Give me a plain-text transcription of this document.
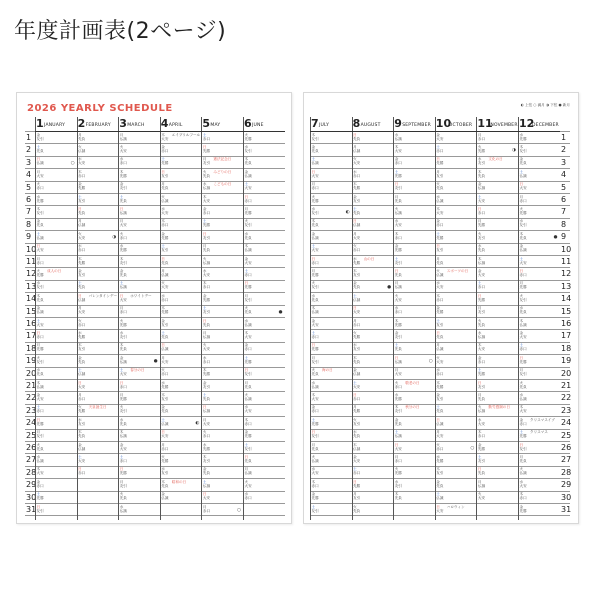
年度計画表(2ページ)
2026 YEARLY SCHEDULE
1
2
3
4
5
6
7
8
9
10
11
12
13
14
15
16
17
18
19
20
21
22
23
24
25
26
27
28
29
30
31
1 JANUARY
金
友引
土
先負
日
仏滅
月
大安
火
赤口
水
先勝
木
友引
金
先負
土
仏滅
日
大安
月
赤口
火
先勝
水
友引
木
先負
金
仏滅
土
大安
日
赤口
月
先勝
火
友引
水
先負
木
仏滅
金
大安
土
赤口
日
先勝
月
友引
火
先負
水
仏滅
木
大安
金
赤口
土
先勝
日
友引
2 FEBRUARY
月
先負
火
仏滅
水
大安
木
赤口
金
先勝
土
友引
日
先負
月
仏滅
火
大安
水
赤口
木
先勝
金
友引
土
先負
日
仏滅
月
大安
火
赤口
水
先勝
木
友引
金
先負
土
仏滅
日
大安
月
赤口
火
先勝
水
友引
木
先負
金
仏滅
土
大安
日
赤口
3 MARCH
月
仏滅
火
大安
水
赤口
木
先勝
金
友引
土
先負
日
仏滅
月
大安
火
赤口
水
先勝
木
友引
金
先負
土
仏滅
日
大安
月
赤口
火
先勝
水
友引
木
先負
金
仏滅
土
大安
日
赤口
月
先勝
火
友引
水
先負
木
仏滅
金
大安
土
赤口
日
先勝
月
友引
火
先負
水
仏滅
4 APRIL
木
大安
金
赤口
土
先勝
日
友引
月
先負
火
仏滅
水
大安
木
赤口
金
先勝
土
友引
日
先負
月
仏滅
火
大安
水
赤口
木
先勝
金
友引
土
先負
日
仏滅
月
大安
火
赤口
水
先勝
木
友引
金
先負
土
仏滅
日
大安
月
赤口
火
先勝
水
友引
木
先負
金
仏滅
5 MAY
土
赤口
日
先勝
月
友引
火
先負
水
仏滅
木
大安
金
赤口
土
先勝
日
友引
月
先負
火
仏滅
水
大安
木
赤口
金
先勝
土
友引
日
先負
月
仏滅
火
大安
水
赤口
木
先勝
金
友引
土
先負
日
仏滅
月
大安
火
赤口
水
先勝
木
友引
金
先負
土
仏滅
日
大安
月
赤口
6 JUNE
火
先勝
水
友引
木
先負
金
仏滅
土
大安
日
赤口
月
先勝
火
友引
水
先負
木
仏滅
金
大安
土
赤口
日
先勝
月
友引
火
先負
水
仏滅
木
大安
金
赤口
土
先勝
日
友引
月
先負
火
仏滅
水
大安
木
赤口
金
先勝
土
友引
日
先負
月
仏滅
火
大安
水
赤口
エイプリルフール
成人の日
バレンタインデー	ホワイトデー
春分の日
昭和の日
憲法記念日
みどりの日
こどもの日
天皇誕生日
○
◑
●
◐
○
●
◐ 上弦 ○ 満月 ◑ 下弦 ● 新月
1
2
3
4
5
6
7
8
9
10
11
12
13
14
15
16
17
18
19
20
21
22
23
24
25
26
27
28
29
30
31
7 JULY
木
友引
金
先負
土
仏滅
日
大安
月
赤口
火
先勝
水
友引
木
先負
金
仏滅
土
大安
日
赤口
月
先勝
火
友引
水
先負
木
仏滅
金
大安
土
赤口
日
先勝
月
友引
火
先負
水
仏滅
木
大安
金
赤口
土
先勝
日
友引
月
先負
火
仏滅
水
大安
木
赤口
金
先勝
土
友引
8 AUGUST
日
先負
月
仏滅
火
大安
水
赤口
木
先勝
金
友引
土
先負
日
仏滅
月
大安
火
赤口
水
先勝
木
友引
金
先負
土
仏滅
日
大安
月
赤口
火
先勝
水
友引
木
先負
金
仏滅
土
大安
日
赤口
月
先勝
火
友引
水
先負
木
仏滅
金
大安
土
赤口
日
先勝
月
友引
火
先負
9 SEPTEMBER
水
仏滅
木
大安
金
赤口
土
先勝
日
友引
月
先負
火
仏滅
水
大安
木
赤口
金
先勝
土
友引
日
先負
月
仏滅
火
大安
水
赤口
木
先勝
金
友引
土
先負
日
仏滅
月
大安
火
赤口
水
先勝
木
友引
金
先負
土
仏滅
日
大安
月
赤口
火
先勝
水
友引
木
先負
10
OCTOBER
金
大安
土
赤口
日
先勝
月
友引
火
先負
水
仏滅
木
大安
金
赤口
土
先勝
日
友引
月
先負
火
仏滅
水
大安
木
赤口
金
先勝
土
友引
日
先負
月
仏滅
火
大安
水
赤口
木
先勝
金
友引
土
先負
日
仏滅
月
大安
火
赤口
水
先勝
木
友引
金
先負
土
仏滅
日
大安
11
NOVEMBER
月
赤口
火
先勝
水
友引
木
先負
金
仏滅
土
大安
日
赤口
月
先勝
火
友引
水
先負
木
仏滅
金
大安
土
赤口
日
先勝
月
友引
火
先負
水
仏滅
木
大安
金
赤口
土
先勝
日
友引
月
先負
火
仏滅
水
大安
木
赤口
金
先勝
土
友引
日
先負
月
仏滅
火
大安
12
DECEMBER
水
先勝
木
友引
金
先負
土
仏滅
日
大安
月
赤口
火
先勝
水
友引
木
先負
金
仏滅
土
大安
日
赤口
月
先勝
火
友引
水
先負
木
仏滅
金
大安
土
赤口
日
先勝
月
友引
火
先負
水
仏滅
木
大安
金
赤口
土
先勝
日
友引
月
先負
火
仏滅
水
大安
木
赤口
金
先勝
海の日
山の日
敬老の日
秋分の日
スポーツの日
文化の日
勤労感謝の日
クリスマスイブ
クリスマス
ハロウィン
◐
●
○
○
◑
●
